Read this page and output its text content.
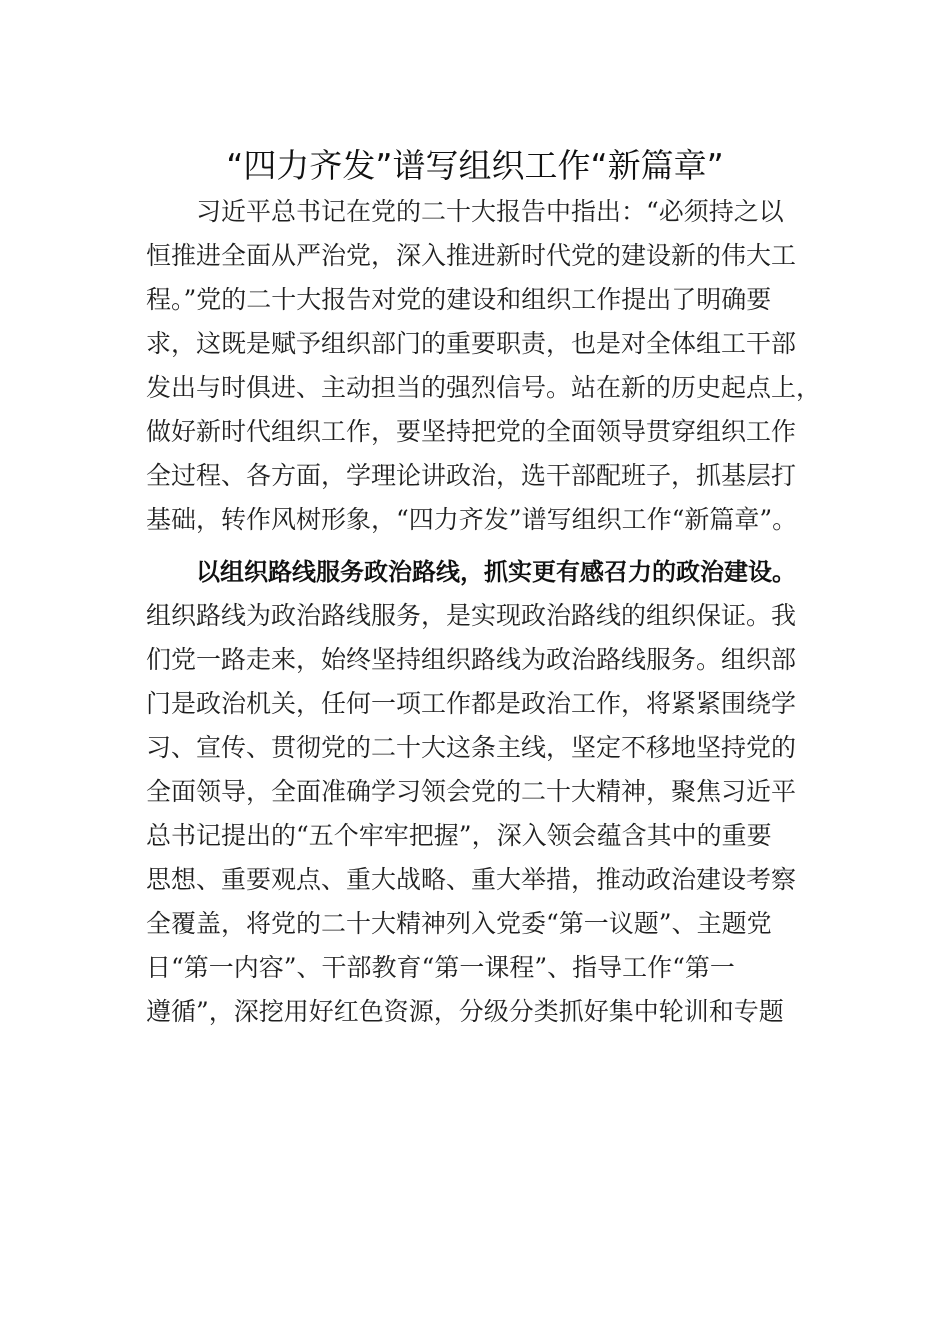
“四力齐发”谱写组织工作“新篇章”
习近平总书记在党的二十大报告中指出：“必须持之以
恒推进全面从严治党，深入推进新时代党的建设新的伟大工
程。”党的二十大报告对党的建设和组织工作提出了明确要
求，这既是赋予组织部门的重要职责，也是对全体组工干部
发出与时俱进、主动担当的强烈信号。站在新的历史起点上，
做好新时代组织工作，要坚持把党的全面领导贯穿组织工作
全过程、各方面，学理论讲政治，选干部配班子，抓基层打
基础，转作风树形象，“四力齐发”谱写组织工作“新篇章”。
以组织路线服务政治路线，抓实更有感召力的政治建设。
组织路线为政治路线服务，是实现政治路线的组织保证。我
们党一路走来，始终坚持组织路线为政治路线服务。组织部
门是政治机关，任何一项工作都是政治工作，将紧紧围绕学
习、宣传、贯彻党的二十大这条主线，坚定不移地坚持党的
全面领导，全面准确学习领会党的二十大精神，聚焦习近平
总书记提出的“五个牢牢把握”，深入领会蕴含其中的重要
思想、重要观点、重大战略、重大举措，推动政治建设考察
全覆盖，将党的二十大精神列入党委“第一议题”、主题党
日“第一内容”、干部教育“第一课程”、指导工作“第一
遵循”，深挖用好红色资源，分级分类抓好集中轮训和专题
